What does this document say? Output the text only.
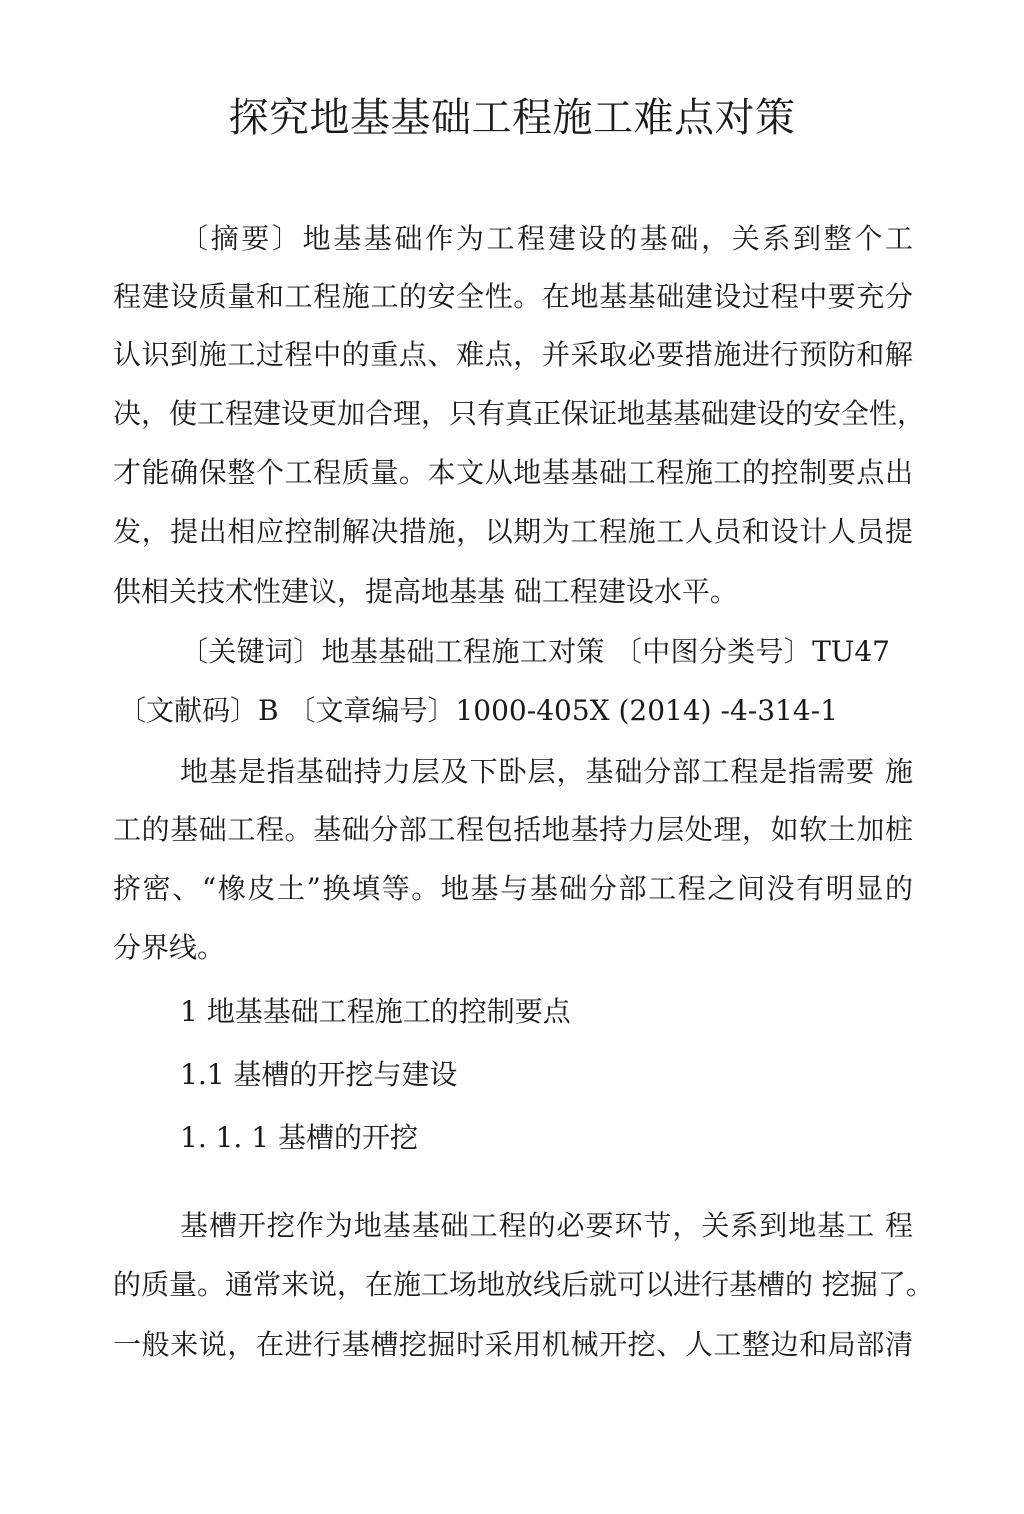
探究地基基础工程施工难点对策

〔摘要〕地基基础作为工程建设的基础，关系到整个工

程建设质量和工程施工的安全性。在地基基础建设过程中要充分

认识到施工过程中的重点、难点，并采取必要措施进行预防和解

决，使工程建设更加合理，只有真正保证地基基础建设的安全性，

才能确保整个工程质量。本文从地基基础工程施工的控制要点出

发，提出相应控制解决措施，以期为工程施工人员和设计人员提

供相关技术性建议，提高地基基 础工程建设水平。

〔关键词〕地基基础工程施工对策 〔中图分类号〕TU47

〔文献码〕B 〔文章编号〕1000-405X (2014) -4-314-1

地基是指基础持力层及下卧层，基础分部工程是指需要 施

工的基础工程。基础分部工程包括地基持力层处理，如软土加桩

挤密、“橡皮土”换填等。地基与基础分部工程之间没有明显的

分界线。

1 地基基础工程施工的控制要点

1.1 基槽的开挖与建设

1. 1. 1 基槽的开挖

基槽开挖作为地基基础工程的必要环节，关系到地基工 程

的质量。通常来说，在施工场地放线后就可以进行基槽的 挖掘了。

一般来说，在进行基槽挖掘时采用机械开挖、人工整边和局部清
